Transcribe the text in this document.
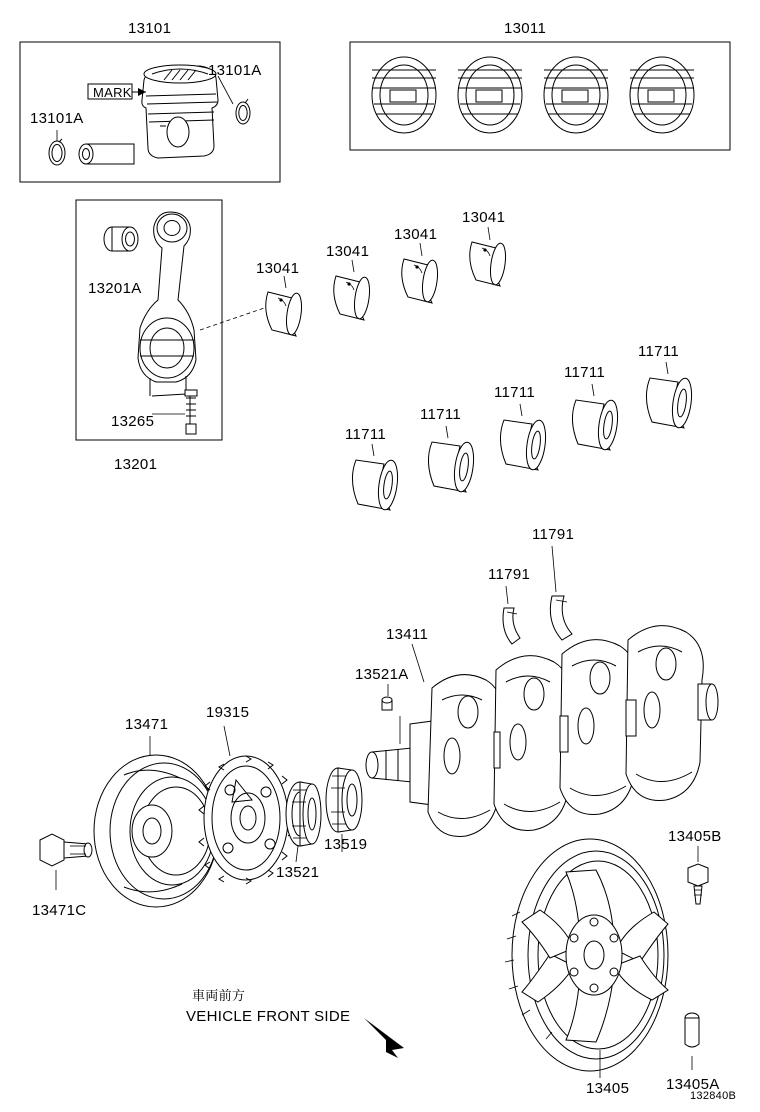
13101	13011
13101A
13101A
MARK
13201A
13041
13041
13041
13041
13265
13201
11711
11711
11711
11711
11711
11791
11791
13411
13521A
13471
19315
13519
13521
13471C
13405B
13405A
13405
車両前方
VEHICLE FRONT SIDE
132840B
